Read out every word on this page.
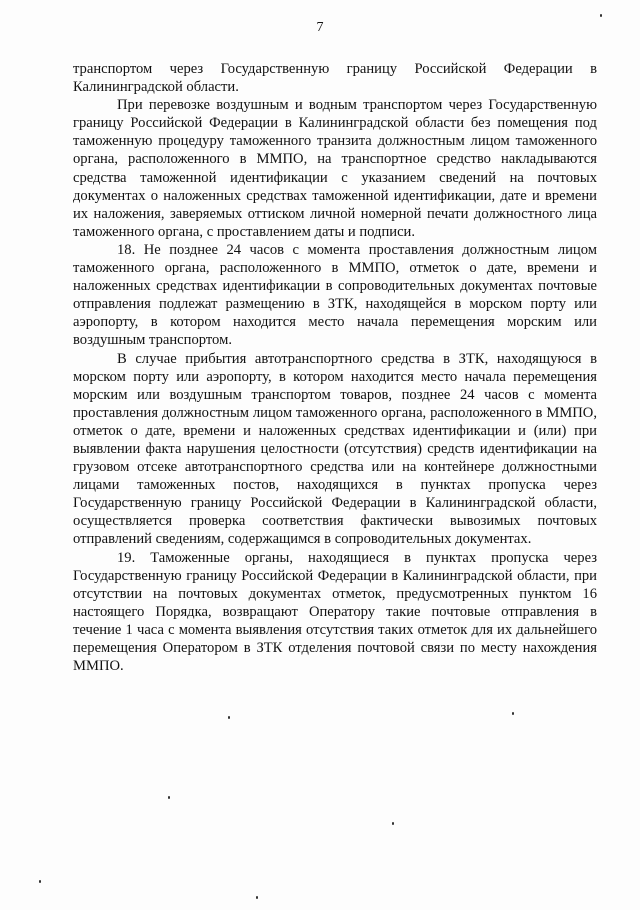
7

транспортом через Государственную границу Российской Федерации в Калининградской области.

При перевозке воздушным и водным транспортом через Государственную границу Российской Федерации в Калининградской области без помещения под таможенную процедуру таможенного транзита должностным лицом таможенного органа, расположенного в ММПО, на транспортное средство накладываются средства таможенной идентификации с указанием сведений на почтовых документах о наложенных средствах таможенной идентификации, дате и времени их наложения, заверяемых оттиском личной номерной печати должностного лица таможенного органа, с проставлением даты и подписи.

18. Не позднее 24 часов с момента проставления должностным лицом таможенного органа, расположенного в ММПО, отметок о дате, времени и наложенных средствах идентификации в сопроводительных документах почтовые отправления подлежат размещению в ЗТК, находящейся в морском порту или аэропорту, в котором находится место начала перемещения морским или воздушным транспортом.

В случае прибытия автотранспортного средства в ЗТК, находящуюся в морском порту или аэропорту, в котором находится место начала перемещения морским или воздушным транспортом товаров, позднее 24 часов с момента проставления должностным лицом таможенного органа, расположенного в ММПО, отметок о дате, времени и наложенных средствах идентификации и (или) при выявлении факта нарушения целостности (отсутствия) средств идентификации на грузовом отсеке автотранспортного средства или на контейнере должностными лицами таможенных постов, находящихся в пунктах пропуска через Государственную границу Российской Федерации в Калининградской области, осуществляется проверка соответствия фактически вывозимых почтовых отправлений сведениям, содержащимся в сопроводительных документах.

19. Таможенные органы, находящиеся в пунктах пропуска через Государственную границу Российской Федерации в Калининградской области, при отсутствии на почтовых документах отметок, предусмотренных пунктом 16 настоящего Порядка, возвращают Оператору такие почтовые отправления в течение 1 часа с момента выявления отсутствия таких отметок для их дальнейшего перемещения Оператором в ЗТК отделения почтовой связи по месту нахождения ММПО.
